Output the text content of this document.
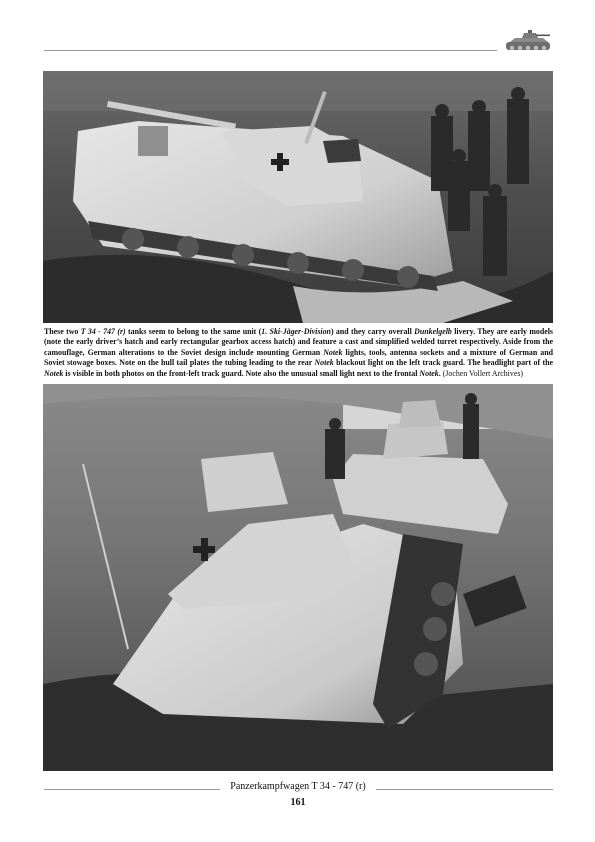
These two T 34 - 747 (r) tanks seem to belong to the same unit (1. Ski-Jäger-Division) and they carry overall Dunkelgelb livery. They are early models (note the early driver’s hatch and early rectangular gearbox access hatch) and feature a cast and simplified welded turret respectively. Aside from the camouflage, German alterations to the Soviet design include mounting German Notek lights, tools, antenna sockets and a mixture of German and Soviet stowage boxes. Note on the hull tail plates the tubing leading to the rear Notek blackout light on the left track guard. The headlight part of the Notek is visible in both photos on the front-left track guard. Note also the unusual small light next to the frontal Notek. (Jochen Vollert Archives)

Panzerkampfwagen T 34 - 747 (r)
161
